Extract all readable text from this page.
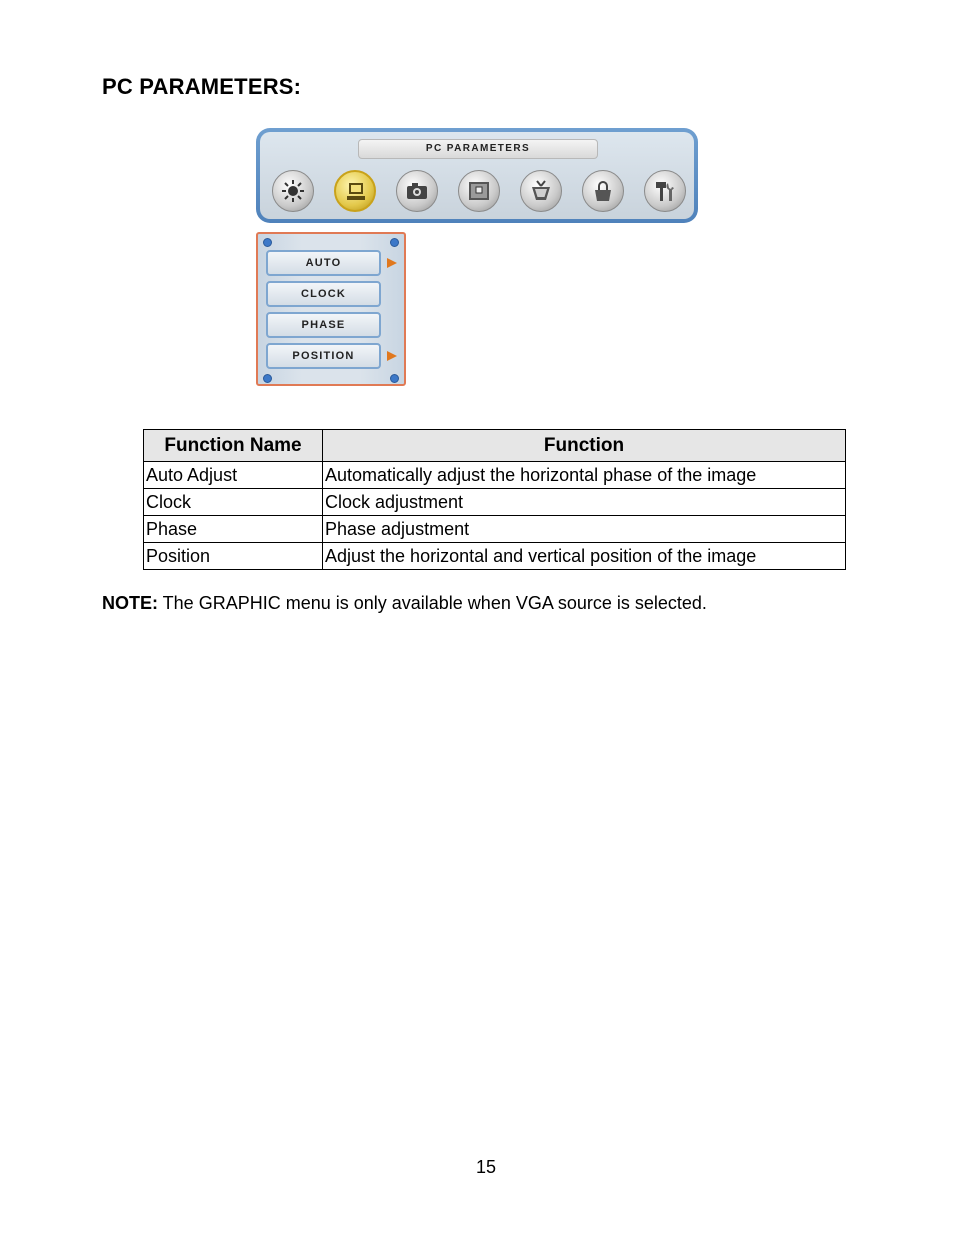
PC PARAMETERS:
PC PARAMETERS
AUTO
CLOCK
PHASE
POSITION
Function Name	Function
Auto Adjust	Automatically adjust the horizontal phase of the image
Clock	Clock adjustment
Phase	Phase adjustment
Position	Adjust the horizontal and vertical position of the image
NOTE: The GRAPHIC menu is only available when VGA source is selected.
15
